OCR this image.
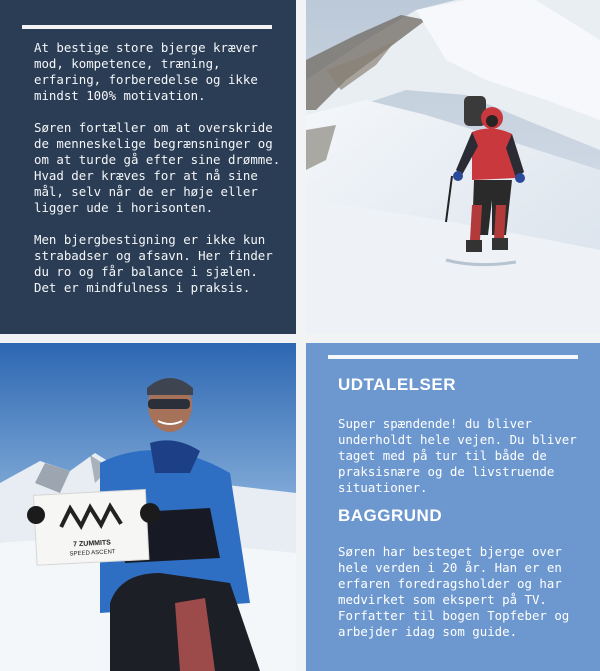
At bestige store bjerge kræver mod, kompetence, træning, erfaring, forberedelse og ikke mindst 100% motivation.

Søren fortæller om at overskride de menneskelige begrænsninger og om at turde gå efter sine drømme. Hvad der kræves for at nå sine mål, selv når de er høje eller ligger ude i horisonten.

Men bjergbestigning er ikke kun strabadser og afsavn. Her finder du ro og får balance i sjælen. Det er mindfulness i praksis.

7 ZUMMITS
SPEED ASCENT
UDTALELSER

Super spændende! du bliver underholdt hele vejen. Du bliver taget med på tur til både de praksisnære og de livstruende situationer.

BAGGRUND

Søren har besteget bjerge over hele verden i 20 år. Han er en erfaren foredragsholder og har medvirket som ekspert på TV. Forfatter til bogen Topfeber og arbejder idag som guide.
